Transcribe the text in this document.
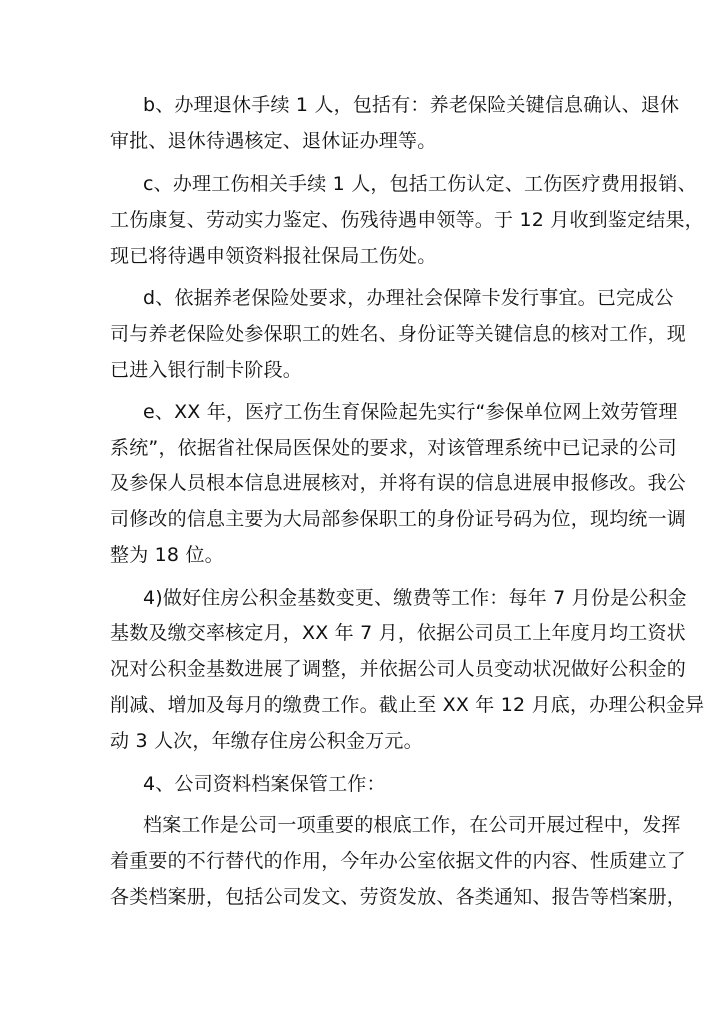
b、办理退休手续 1 人，包括有：养老保险关键信息确认、退休
审批、退休待遇核定、退休证办理等。
c、办理工伤相关手续 1 人，包括工伤认定、工伤医疗费用报销、
工伤康复、劳动实力鉴定、伤残待遇申领等。于 12 月收到鉴定结果，
现已将待遇申领资料报社保局工伤处。
d、依据养老保险处要求，办理社会保障卡发行事宜。已完成公
司与养老保险处参保职工的姓名、身份证等关键信息的核对工作，现
已进入银行制卡阶段。
e、XX 年，医疗工伤生育保险起先实行“参保单位网上效劳管理
系统”，依据省社保局医保处的要求，对该管理系统中已记录的公司
及参保人员根本信息进展核对，并将有误的信息进展申报修改。我公
司修改的信息主要为大局部参保职工的身份证号码为位，现均统一调
整为 18 位。
4)做好住房公积金基数变更、缴费等工作：每年 7 月份是公积金
基数及缴交率核定月，XX 年 7 月，依据公司员工上年度月均工资状
况对公积金基数进展了调整，并依据公司人员变动状况做好公积金的
削减、增加及每月的缴费工作。截止至 XX 年 12 月底，办理公积金异
动 3 人次，年缴存住房公积金万元。
4、公司资料档案保管工作：
档案工作是公司一项重要的根底工作，在公司开展过程中，发挥
着重要的不行替代的作用，今年办公室依据文件的内容、性质建立了
各类档案册，包括公司发文、劳资发放、各类通知、报告等档案册，
